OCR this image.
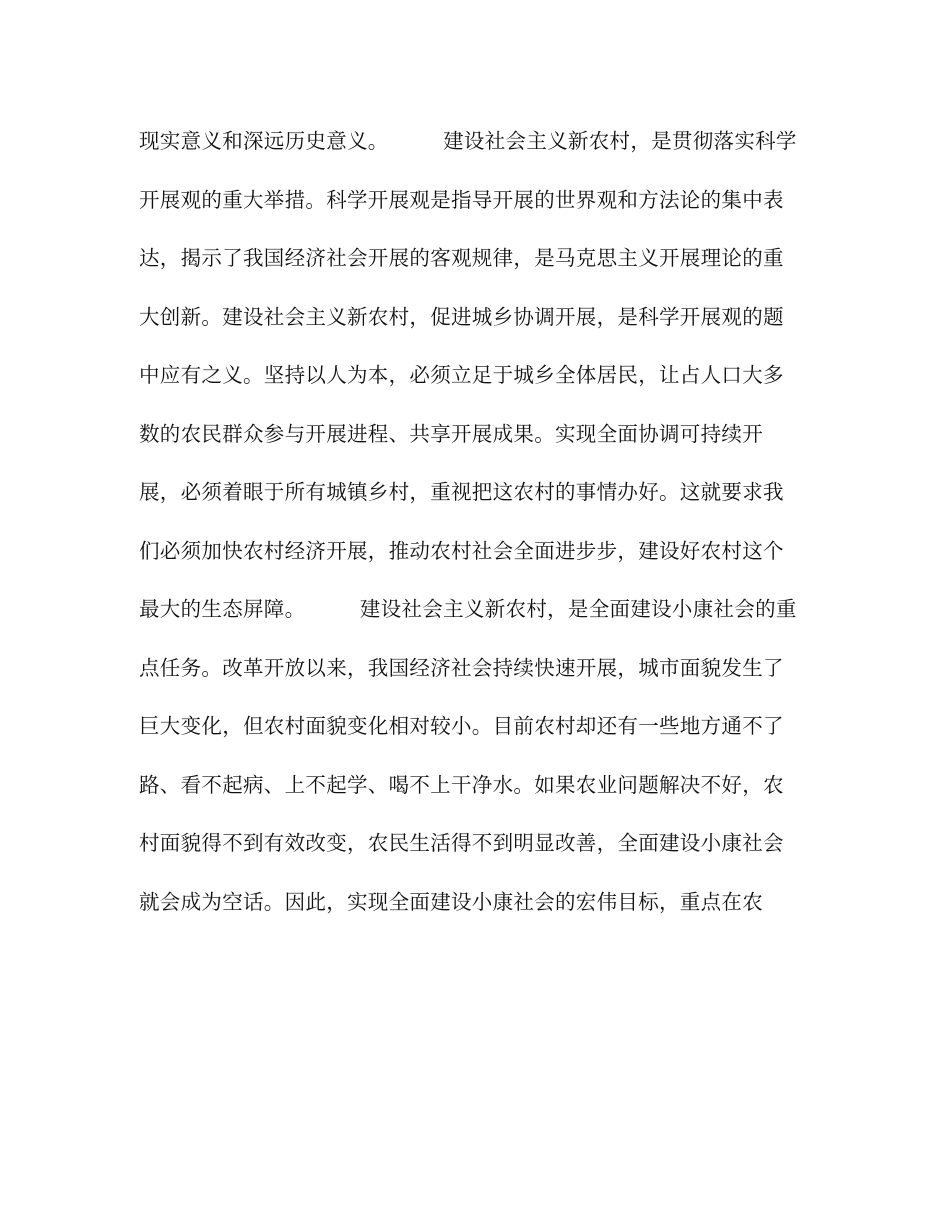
现实意义和深远历史意义。        建设社会主义新农村，是贯彻落实科学
开展观的重大举措。科学开展观是指导开展的世界观和方法论的集中表
达，揭示了我国经济社会开展的客观规律，是马克思主义开展理论的重
大创新。建设社会主义新农村，促进城乡协调开展，是科学开展观的题
中应有之义。坚持以人为本，必须立足于城乡全体居民，让占人口大多
数的农民群众参与开展进程、共享开展成果。实现全面协调可持续开
展，必须着眼于所有城镇乡村，重视把这农村的事情办好。这就要求我
们必须加快农村经济开展，推动农村社会全面进步步，建设好农村这个
最大的生态屏障。        建设社会主义新农村，是全面建设小康社会的重
点任务。改革开放以来，我国经济社会持续快速开展，城市面貌发生了
巨大变化，但农村面貌变化相对较小。目前农村却还有一些地方通不了
路、看不起病、上不起学、喝不上干净水。如果农业问题解决不好，农
村面貌得不到有效改变，农民生活得不到明显改善，全面建设小康社会
就会成为空话。因此，实现全面建设小康社会的宏伟目标，重点在农
